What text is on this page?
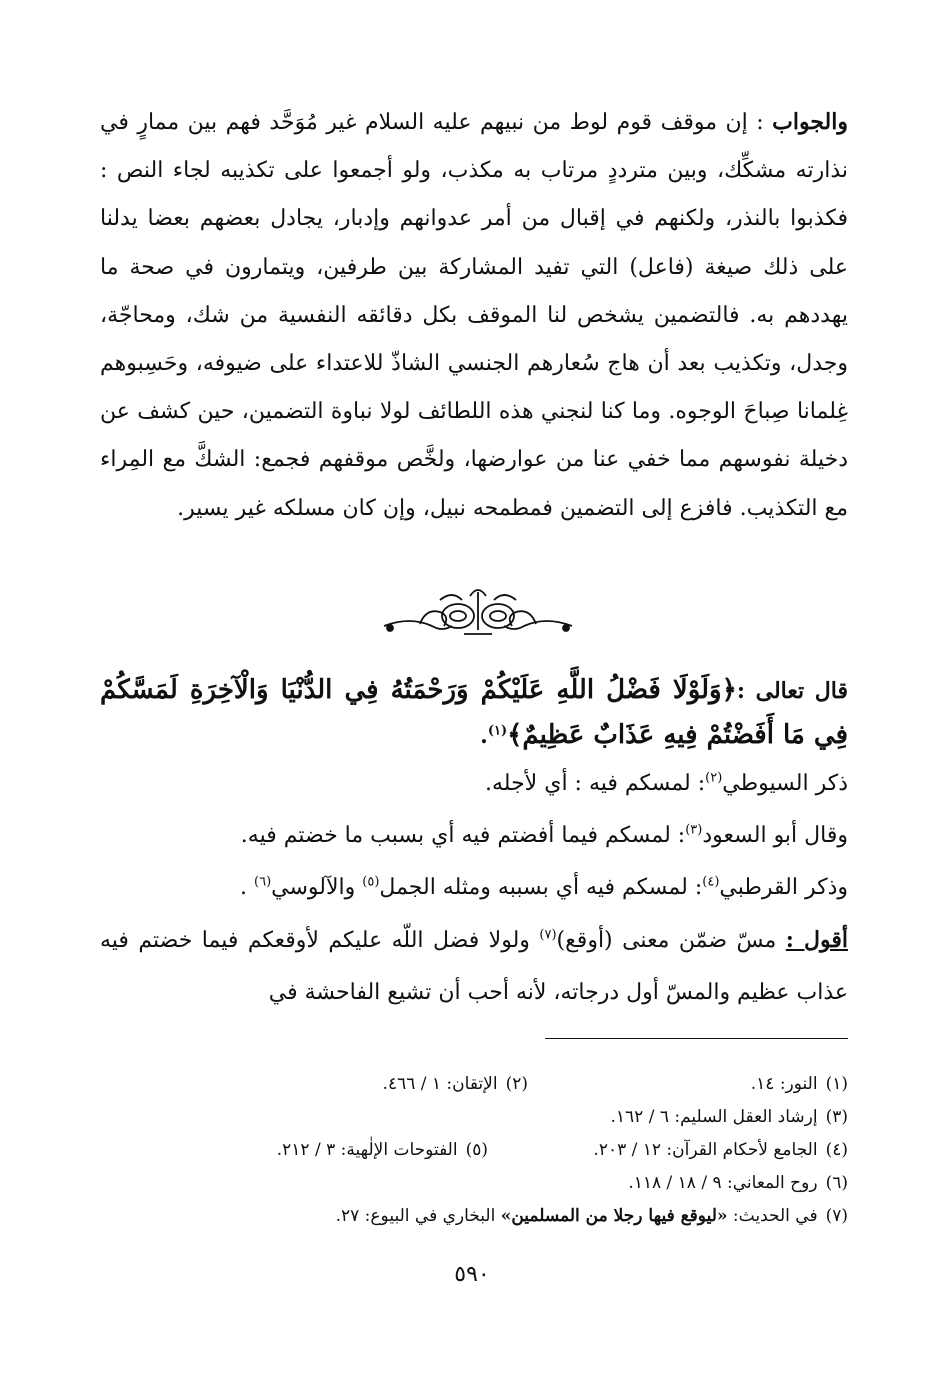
والجواب : إن موقف قوم لوط من نبيهم عليه السلام غير مُوَحَّد فهم بين ممارٍ في نذارته مشكِّك، وبين مترددٍ مرتاب به مكذب، ولو أجمعوا على تكذيبه لجاء النص : فكذبوا بالنذر، ولكنهم في إقبال من أمر عدوانهم وإدبار، يجادل بعضهم بعضا يدلنا على ذلك صيغة (فاعل) التي تفيد المشاركة بين طرفين، ويتمارون في صحة ما يهددهم به. فالتضمين يشخص لنا الموقف بكل دقائقه النفسية من شك، ومحاجّة، وجدل، وتكذيب بعد أن هاج سُعارهم الجنسي الشاذّ للاعتداء على ضيوفه، وحَسِبوهم غِلمانا صِباحَ الوجوه. وما كنا لنجني هذه اللطائف لولا نباوة التضمين، حين كشف عن دخيلة نفوسهم مما خفي عنا من عوارضها، ولخَّص موقفهم فجمع: الشكَّ مع المِراء مع التكذيب. فافزع إلى التضمين فمطمحه نبيل، وإن كان مسلكه غير يسير.
قال تعالى :﴿وَلَوْلَا فَضْلُ اللَّهِ عَلَيْكُمْ وَرَحْمَتُهُ فِي الدُّنْيَا وَالْآخِرَةِ لَمَسَّكُمْ فِي مَا أَفَضْتُمْ فِيهِ عَذَابٌ عَظِيمٌ﴾$^{(١)}$.
ذكر السيوطي$^{(٢)}$: لمسكم فيه : أي لأجله.
وقال أبو السعود$^{(٣)}$: لمسكم فيما أفضتم فيه أي بسبب ما خضتم فيه.
وذكر القرطبي$^{(٤)}$: لمسكم فيه أي بسببه ومثله الجمل$^{(٥)}$ والآلوسي$^{(٦)}$ .
أقول : مسّ ضمّن معنى (أوقع)$^{(٧)}$ ولولا فضل اللّه عليكم لأوقعكم فيما خضتم فيه عذاب عظيم والمسّ أول درجاته، لأنه أحب أن تشيع الفاحشة في
(١)النور: ١٤.(٢)الإتقان: ١ / ٤٦٦.
(٣)إرشاد العقل السليم: ٦ / ١٦٢.
(٤)الجامع لأحكام القرآن: ١٢ / ٢٠٣.(٥)الفتوحات الإلٰهية: ٣ / ٢١٢.
(٦)روح المعاني: ٩ / ١٨ / ١١٨.
(٧)في الحديث: «ليوقع فيها رجلا من المسلمين» البخاري في البيوع: ٢٧.
٥٩٠
